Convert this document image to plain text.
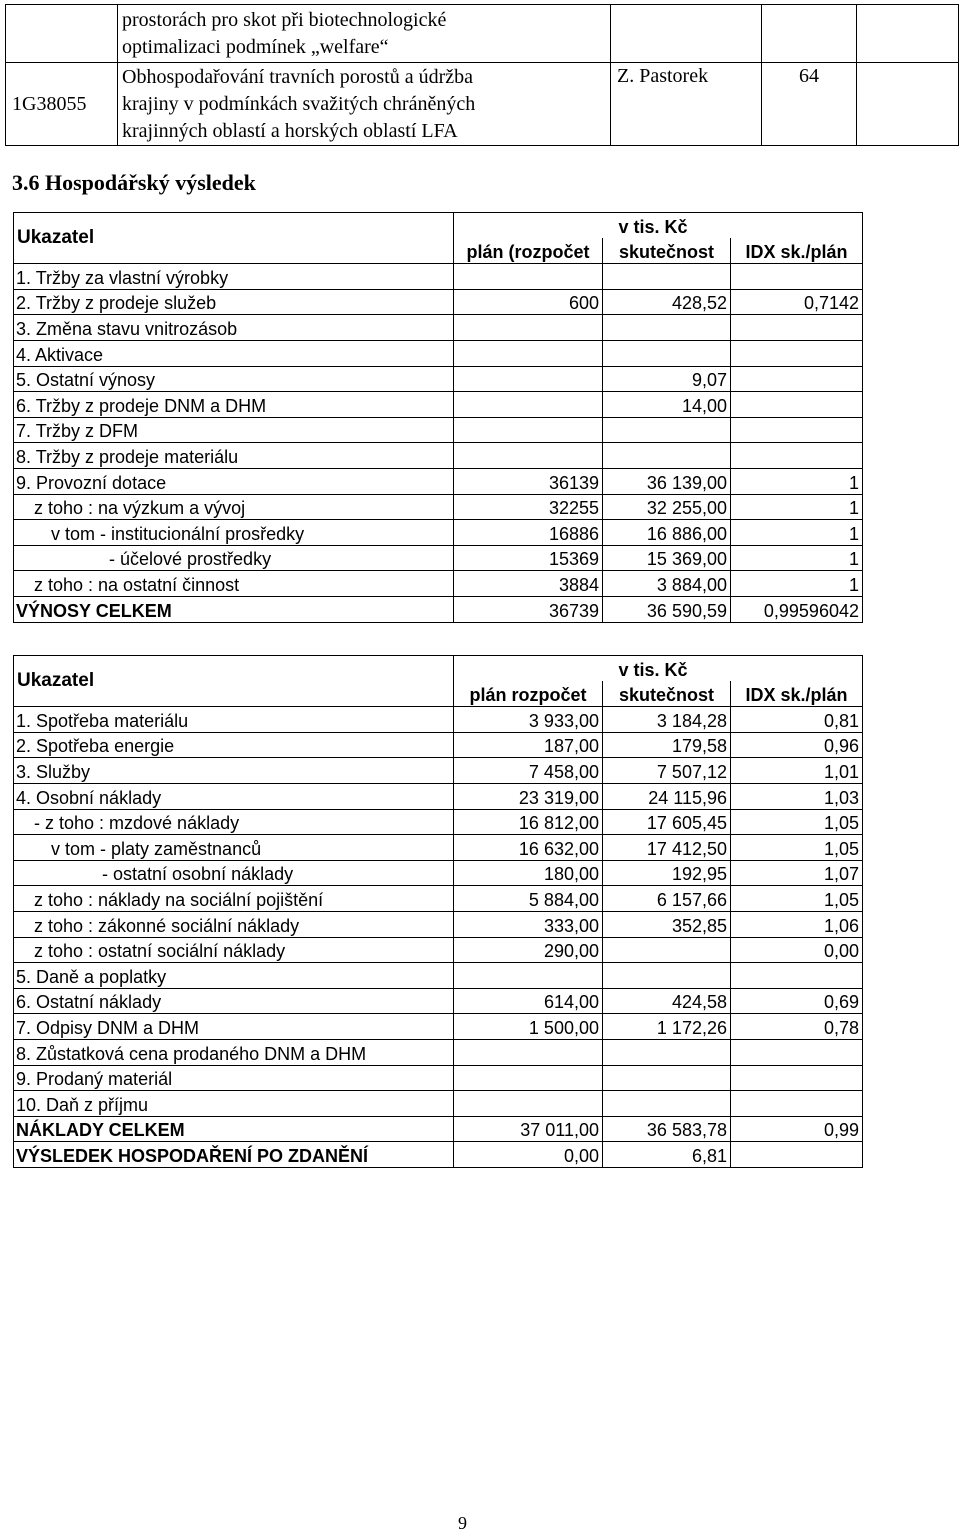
	prostorách pro skot při biotechnologické
optimalizaci podmínek „welfare“			

1G38055	Obhospodařování travních porostů a údržba
krajiny v podmínkách svažitých chráněných
krajinných oblastí a horských oblastí LFA	Z. Pastorek	64	
3.6 Hospodářský výsledek
Ukazatel		v tis. Kč	
	plán (rozpočet	skutečnost	IDX sk./plán
1. Tržby za vlastní výrobky			
2. Tržby z prodeje služeb	600	428,52	0,7142
3. Změna stavu vnitrozásob			
4. Aktivace			
5. Ostatní výnosy		9,07	
6. Tržby z prodeje DNM a DHM		14,00	
7. Tržby z DFM			
8. Tržby z prodeje materiálu			
9. Provozní dotace	36139	36 139,00	1
z toho : na výzkum a vývoj	32255	32 255,00	1
v tom - institucionální prosředky	16886	16 886,00	1
- účelové prostředky	15369	15 369,00	1
z toho : na ostatní činnost	3884	3 884,00	1
VÝNOSY CELKEM	36739	36 590,59	0,99596042
Ukazatel		v tis. Kč	
	plán rozpočet	skutečnost	IDX sk./plán
1. Spotřeba materiálu	3 933,00	3 184,28	0,81
2. Spotřeba energie	187,00	179,58	0,96
3. Služby	7 458,00	7 507,12	1,01
4. Osobní náklady	23 319,00	24 115,96	1,03
- z toho : mzdové náklady	16 812,00	17 605,45	1,05
v tom - platy zaměstnanců	16 632,00	17 412,50	1,05
- ostatní osobní náklady	180,00	192,95	1,07
z toho : náklady na sociální pojištění	5 884,00	6 157,66	1,05
z toho : zákonné sociální náklady	333,00	352,85	1,06
z toho : ostatní sociální náklady	290,00		0,00
5. Daně a poplatky			
6. Ostatní náklady	614,00	424,58	0,69
7. Odpisy DNM a DHM	1 500,00	1 172,26	0,78
8. Zůstatková cena prodaného DNM a DHM			
9. Prodaný materiál			
10. Daň z příjmu			
NÁKLADY CELKEM	37 011,00	36 583,78	0,99
VÝSLEDEK HOSPODAŘENÍ PO ZDANĚNÍ	0,00	6,81	
9
